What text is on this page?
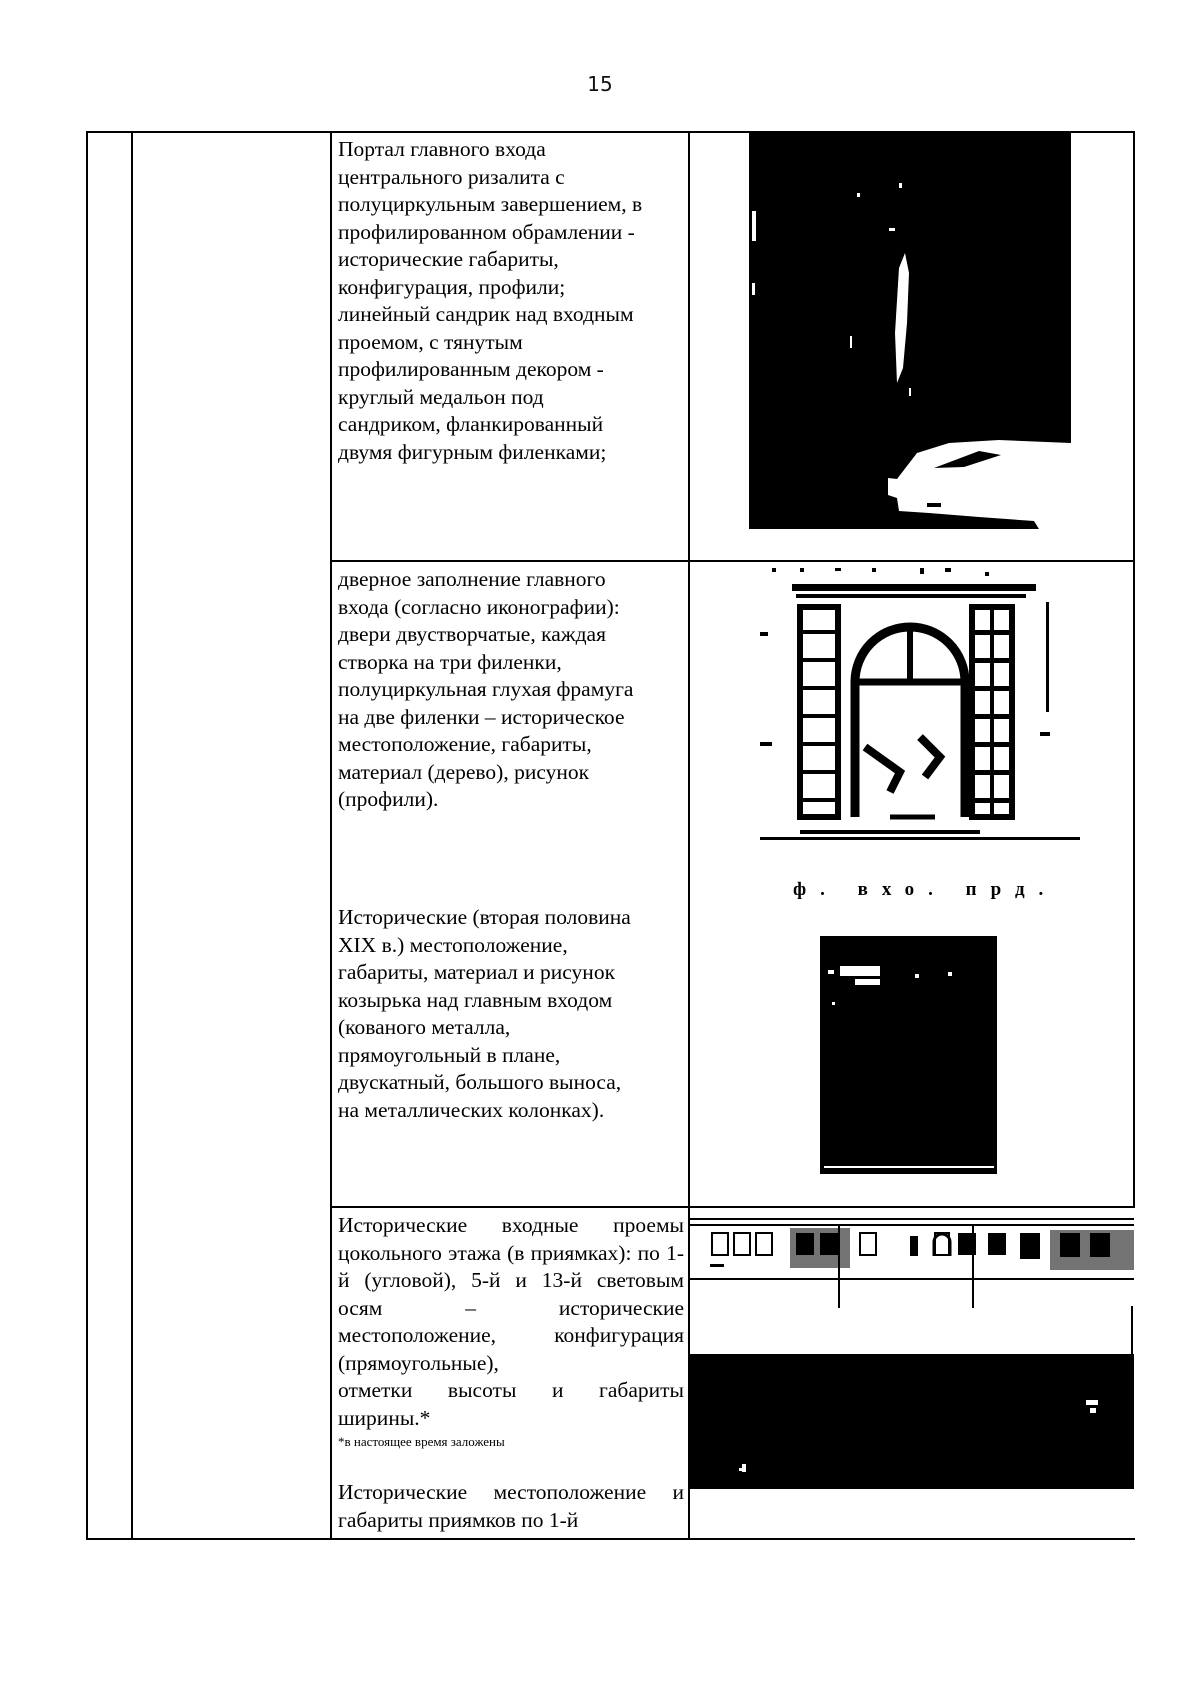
15
Портал главного входа
центрального ризалита с
полуциркульным завершением, в
профилированном обрамлении -
исторические габариты,
конфигурация, профили;
линейный сандрик над входным
проемом, с тянутым
профилированным декором -
круглый медальон под
сандриком, фланкированный
двумя фигурным филенками;
дверное заполнение главного
входа (согласно иконографии):
двери двустворчатые, каждая
створка на три филенки,
полуциркульная глухая фрамуга
на две филенки – историческое
местоположение, габариты,
материал (дерево), рисунок
(профили).
ф. вхо. прд.
Исторические (вторая половина
XIX в.) местоположение,
габариты, материал и рисунок
козырька над главным входом
(кованого металла,
прямоугольный в плане,
двускатный, большого выноса,
на металлических колонках).
Исторические входные проемы цокольного этажа (в приямках): по 1-й (угловой), 5-й и 13-й световым осям – исторические местоположение, конфигурация (прямоугольные),
отметки высоты и габариты ширины.*
*в настоящее время заложены
Исторические местоположение и габариты приямков по 1-й
